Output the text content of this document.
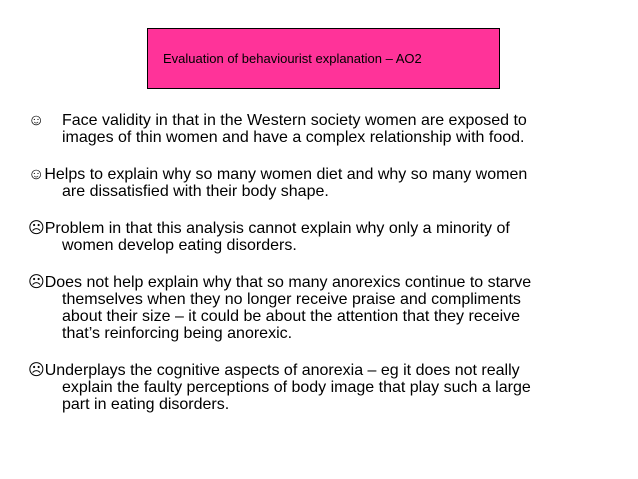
Evaluation of behaviourist explanation – AO2
☺	Face validity in that in the Western society women are exposed to
images of thin women and have a complex relationship with food.
☺Helps to explain why so many women diet and why so many women
are dissatisfied with their body shape.
☹Problem in that this analysis cannot explain why only a minority of
women develop eating disorders.
☹Does not help explain why that so many anorexics continue to starve
themselves when they no longer receive praise and compliments
about their size – it could be about the attention that they receive
that’s reinforcing being anorexic.
☹Underplays the cognitive aspects of anorexia – eg it does not really
explain the faulty perceptions of body image that play such a large
part in eating disorders.
